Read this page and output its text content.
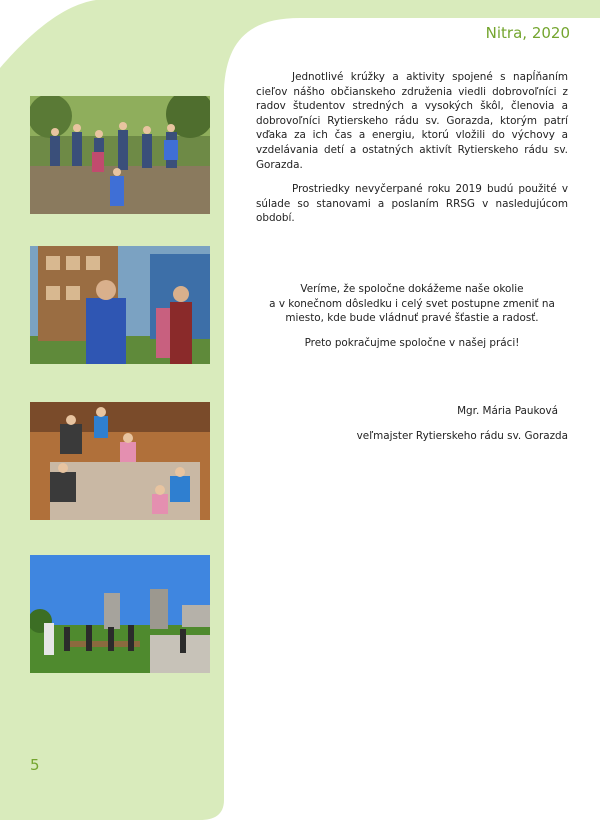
Nitra, 2020

Jednotlivé krúžky a aktivity spojené s napĺňaním cieľov nášho občianskeho združenia viedli dobrovoľníci z radov študentov stredných a vysokých škôl, členovia a dobrovoľníci Rytierskeho rádu sv. Gorazda, ktorým patrí vďaka za ich čas a energiu, ktorú vložili do výchovy a vzdelávania detí a ostatných aktivít Rytierskeho rádu sv. Gorazda.

Prostriedky nevyčerpané roku 2019 budú použité v súlade so stanovami a poslaním RRSG v nasledujúcom období.

Veríme, že spoločne dokážeme naše okolie
a v konečnom dôsledku i celý svet postupne zmeniť na
miesto, kde bude vládnuť pravé šťastie a radosť.
Preto pokračujme spoločne v našej práci!
Mgr. Mária Pauková
veľmajster Rytierskeho rádu sv. Gorazda
5
